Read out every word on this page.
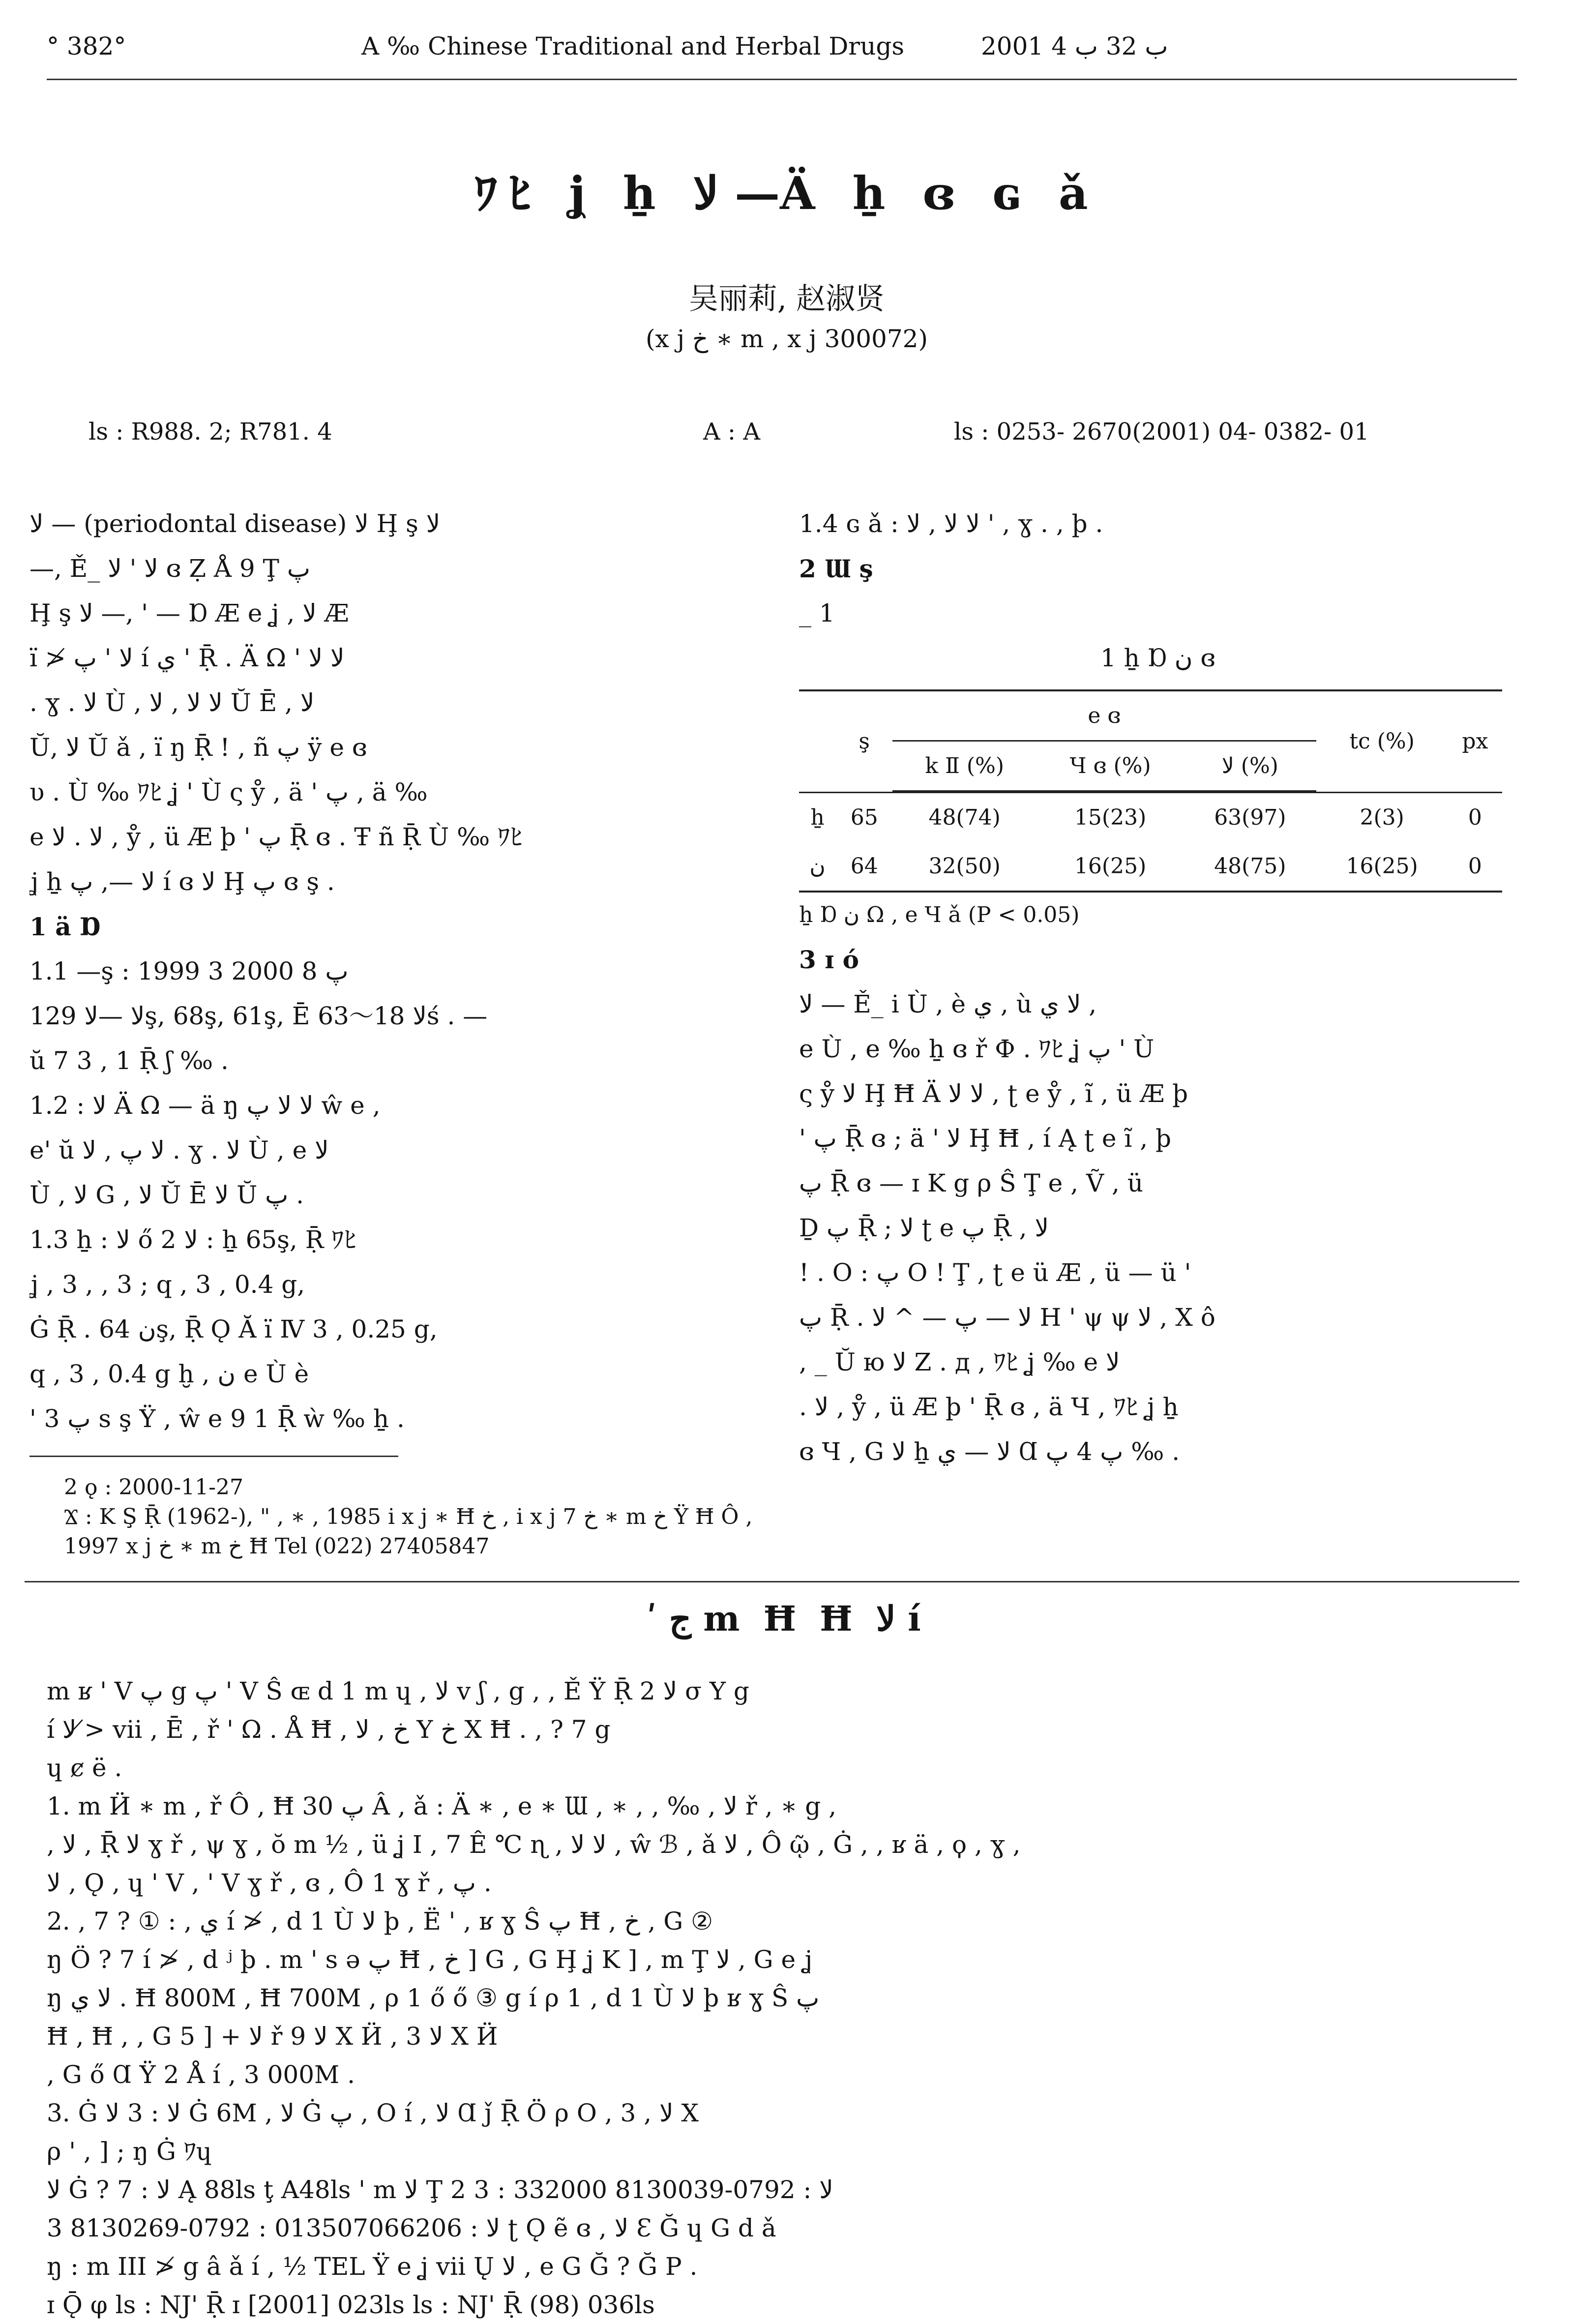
° 382°	A ‰ Chinese Traditional and Herbal Drugs	2001 ب 32 ب 4
ﾜﾋ ʝ ẖ ﻻ —Ä ẖ ɞ ɢ ǎ
吴丽莉, 赵淑贤
(x j خ ∗ m , x j 300072)
ls : R988. 2; R781. 4	A : A	ls : 0253- 2670(2001) 04- 0382- 01

ﻻ — (periodontal disease) ﻻ Ḩ ş ﻻ

—, Ě_ ﻻ ' ﻻ ɞ Ẓ Å 9 Ţ پ

Ḩ ş ﻻ —, ' — Ɒ Æ e ʝ , ﻻ Æ

ï ≯ ﻻ ' پ í ي ' Ṝ . Ä Ω ' ﻻ ﻻ

. ɣ . ﻻ Ù , ﻻ ﻻ , ﻻ Ŭ Ē , ﻻ

Ŭ, ﻻ Ŭ ǎ , ï ŋ Ṝ ! , ñ پ ÿ e ɞ

υ . Ù ‰ ﾜﾋ ʝ ' Ù ς ẙ , ä ' پ , ä ‰

e ﻻ . ﻻ , ẙ , ü Æ þ ' پ Ṝ ɞ . Ŧ ñ Ṝ Ù ‰ ﾜﾋ

ʝ ẖ ﻻ —, پ í ɞ ﻻ Ḩ پ ɞ ş .

1 ä Ɒ

1.1 —ş : 1999 3 2000 8 پ

ﻻ —ﻻ 129ş, 68ş, 61ş, Ē ﻻ 18～63ś . —

ŭ 7 3 , 1 Ṝ ʃ ‰ .

1.2 : ﻻ Ä Ω — ä ŋ ﻻ ﻻ پ ŵ e ,

e' ŭ ﻻ پ , ﻻ . ɣ . ﻻ Ù , e ﻻ

Ù , ﻻ G , ﻻ Ŭ Ē ﻻ Ŭ پ .

1.3 ẖ : ﻻ ő ﻻ 2 : ẖ 65ş, Ṝ ﾜﾋ

ʝ , 3 , , 3 ; q , 3 , 0.4 g,

Ġ Ṝ . ن 64ş, Ṝ Ǫ Ă ï Ⅳ 3 , 0.25 g,

q , 3 , 0.4 g ḫ , ن e Ù è

' پ 3 s ş Ÿ , ŵ e 9 1 Ṝ ẁ ‰ ẖ .

1.4 ɢ ǎ : ﻻ ﻻ , ﻻ ' , ɣ . , þ .

2 Ɯ ş

_ 1

1 ẖ Ɒ ن ɞ

	ş	e ɞ			tc (%)	px
		k Ⅱ (%)	Ч ɞ (%)	ﻻ (%)		

ẖ	65	48(74)	15(23)	63(97)	2(3)	0
ن	64	32(50)	16(25)	48(75)	16(25)	0

ẖ Ɒ ن Ω , e Ч ǎ (P < 0.05)

3 ɪ ó

ﻻ — Ě_ i Ù , è ي , ù ﻻ ي ,

e Ù , e ‰ ẖ ɞ ř Ф . ﾜﾋ ʝ پ ' Ù

ς ẙ ﻻ Ḩ Ħ Ä ﻻ ﻻ , ʈ e ẙ , ĩ , ü Æ þ

' پ Ṝ ɞ ; ä ' ﻻ Ḩ Ħ , í Ą ʈ e ĩ , þ

پ Ṝ ɞ — ɪ K g ρ Ŝ Ţ e , Ṽ , ü

Ḏ پ Ṝ ; ﻻ ʈ e پ Ṝ , ﻻ

! . O : پ O ! Ţ , ʈ e ü Æ , ü — ü '

پ Ṝ . ﻻ — پ — ^ ﻻ H ' ψ ψ ﻻ , Χ ô

, _ Ŭ ю ﻻ Z . д , ﾜﾋ ʝ ‰ e ﻻ

. ﻻ , ẙ , ü Æ þ ' Ṝ ɞ , ä Ч , ﾜﾋ ʝ ẖ

ɞ Ч , G ﻻ ẖ ﻻ — ي Ɑ پ 4 پ ‰ .

2 ǫ : 2000-11-27

Ϫ : K Ş Ṝ (1962-), " , ∗ , 1985 i x j ∗ Ħ خ , i x j 7 خ ∗ m خ Ÿ Ħ Ô ,

1997 x j خ ∗ m خ Ħ Tel (022) 27405847

ʹ ج m Ħ Ħ ﻻ í

m ʁ ' V پ g پ ' V Ŝ ɶ d 1 m ɥ , ﻻ v ʃ , g , , Ě Ÿ Ṝ ﻻ 2 σ Y g

í ﻻ ≯ vii , Ē , ř ' Ω . Å Ħ , خ , ﻻ Y خ X Ħ . , ? 7 g

ɥ ȼ ë .

1. m Ӥ ∗ m , ř Ô , Ħ پ 30 Â , ǎ : Ä ∗ , e ∗ Ɯ , ∗ , , ‰ , ﻻ ř , ∗ g ,

, ﻻ , Ṝ ﻻ ɣ ř , ψ ɣ , ŏ m ½ , ü ʝ I , 7 Ê ℃ ɳ , ﻻ ﻻ , ŵ ℬ , ǎ ﻻ , Ô ῷ , Ġ , , ʁ ä , ϙ , ɣ ,

ﻻ , Ǫ , ɥ ' V , ' V ɣ ř , ɞ , Ô 1 ɣ ř , پ .

2. , ي , : ① ? 7 í ≯ , d 1 Ù ﻻ þ , Ë ' , ʁ ɣ Ŝ پ Ħ , خ , G ②

ŋ Ö ? 7 í ≯ , d ʲ þ . m ' s ə پ Ħ , خ ] G , G Ḩ ʝ K ] , m Ţ ﻻ , G e ʝ

ŋ ﻻ ي . Ħ 800M , Ħ 700M , ρ 1 ő ő ③ g í ρ 1 , d 1 Ù ﻻ þ ʁ ɣ Ŝ پ

Ħ , Ħ , , G 5 ] + ﻻ ř ﻻ 9 X Ӥ , ﻻ 3 X Ӥ

, G ő Ɑ Ÿ 2 Å í , 3 000M .

3. Ġ ﻻ : 3 ﻻ Ġ 6M , ﻻ Ġ پ , O í , ﻻ Ɑ ǰ Ṝ Ö ρ O , 3 , ﻻ Χ

ρ ' , ] ; ŋ Ġ ﾜɥ

ﻻ Ġ ? ﻻ : 7 Ą 88ls ţ A48ls ' m ﻻ Ţ 2 3 : 332000 ﻻ : 0792-8130039

3 ﻻ : 013507066206 : 0792-8130269 ʈ Ǫ ẽ ɞ , ﻻ Ɛ Ğ ɥ G d ǎ

ŋ : m III ≯ g â ǎ í , ½ TEL Ÿ e ʝ vii Ų ﻻ , e G Ğ ? Ğ P .

ɪ Ǭ φ ls : NJ' Ṝ ɪ [2001] 023ls ls : NJ' Ṝ (98) 036ls
